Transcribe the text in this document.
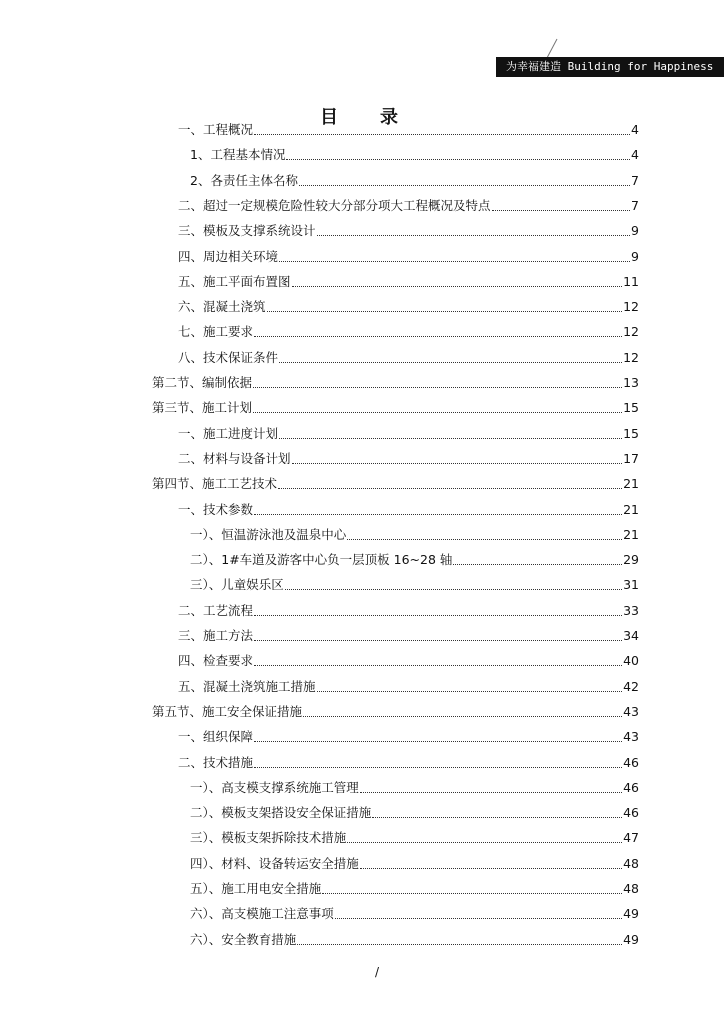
为幸福建造 Building for Happiness
目录
一、工程概况	4
1、工程基本情况	4
2、各责任主体名称	7
二、超过一定规模危险性较大分部分项大工程概况及特点	7
三、模板及支撑系统设计	9
四、周边相关环境	9
五、施工平面布置图	11
六、混凝土浇筑	12
七、施工要求	12
八、技术保证条件	12
第二节、编制依据	13
第三节、施工计划	15
一、施工进度计划	15
二、材料与设备计划	17
第四节、施工工艺技术	21
一、技术参数	21
一）、恒温游泳池及温泉中心	21
二）、1#车道及游客中心负一层顶板 16~28 轴	29
三）、儿童娱乐区	31
二、工艺流程	33
三、施工方法	34
四、检查要求	40
五、混凝土浇筑施工措施	42
第五节、施工安全保证措施	43
一、组织保障	43
二、技术措施	46
一）、高支模支撑系统施工管理	46
二）、模板支架搭设安全保证措施	46
三）、模板支架拆除技术措施	47
四）、材料、设备转运安全措施	48
五）、施工用电安全措施	48
六）、高支模施工注意事项	49
六）、安全教育措施	49
/
